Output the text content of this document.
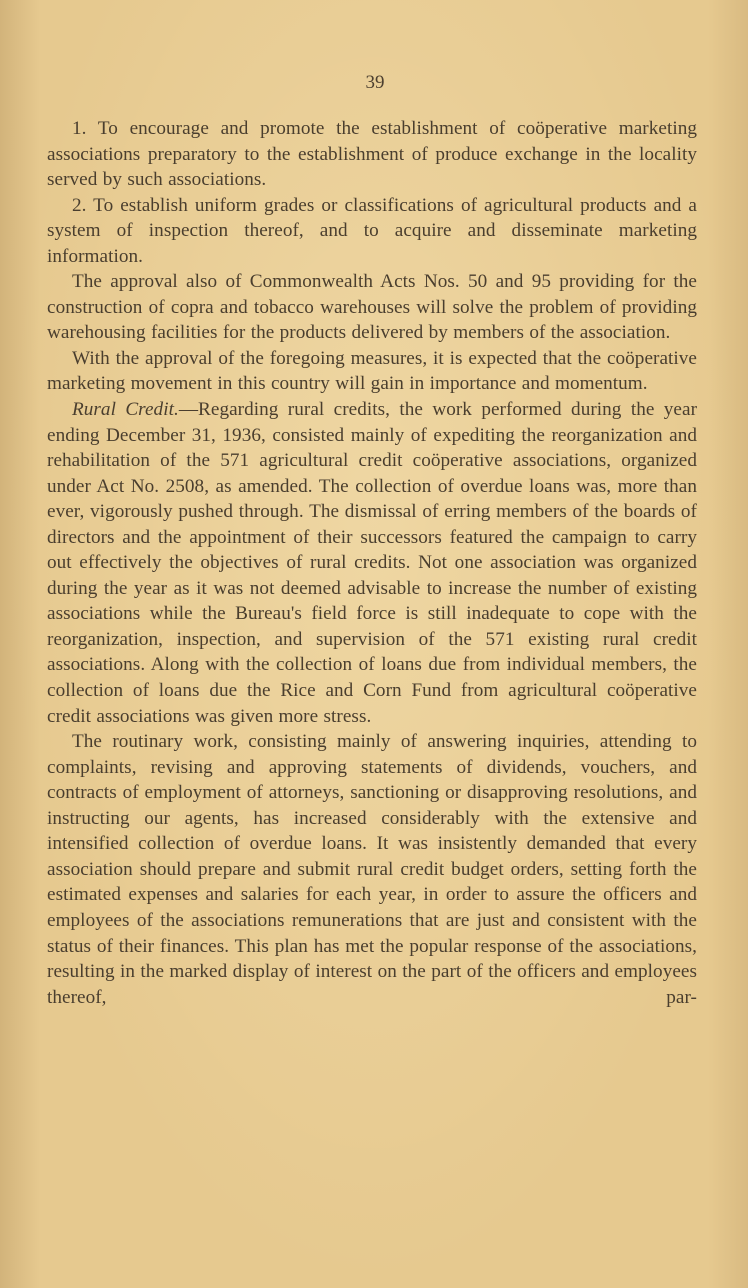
39

1. To encourage and promote the establishment of coöperative marketing associations preparatory to the establishment of produce exchange in the locality served by such associations.

2. To establish uniform grades or classifications of agricultural products and a system of inspection thereof, and to acquire and disseminate marketing information.

The approval also of Commonwealth Acts Nos. 50 and 95 providing for the construction of copra and tobacco warehouses will solve the problem of providing warehousing facilities for the products delivered by members of the association.

With the approval of the foregoing measures, it is expected that the coöperative marketing movement in this country will gain in importance and momentum.

Rural Credit.—Regarding rural credits, the work performed during the year ending December 31, 1936, consisted mainly of expediting the reorganization and rehabilitation of the 571 agricultural credit coöperative associations, organized under Act No. 2508, as amended. The collection of overdue loans was, more than ever, vigorously pushed through. The dismissal of erring members of the boards of directors and the appointment of their successors featured the campaign to carry out effectively the objectives of rural credits. Not one association was organized during the year as it was not deemed advisable to increase the number of existing associations while the Bureau's field force is still inadequate to cope with the reorganization, inspection, and supervision of the 571 existing rural credit associations. Along with the collection of loans due from individual members, the collection of loans due the Rice and Corn Fund from agricultural coöperative credit associations was given more stress.

The routinary work, consisting mainly of answering inquiries, attending to complaints, revising and approving statements of dividends, vouchers, and contracts of employment of attorneys, sanctioning or disapproving resolutions, and instructing our agents, has increased considerably with the extensive and intensified collection of overdue loans. It was insistently demanded that every association should prepare and submit rural credit budget orders, setting forth the estimated expenses and salaries for each year, in order to assure the officers and employees of the associations remunerations that are just and consistent with the status of their finances. This plan has met the popular response of the associations, resulting in the marked display of interest on the part of the officers and employees thereof, par-
